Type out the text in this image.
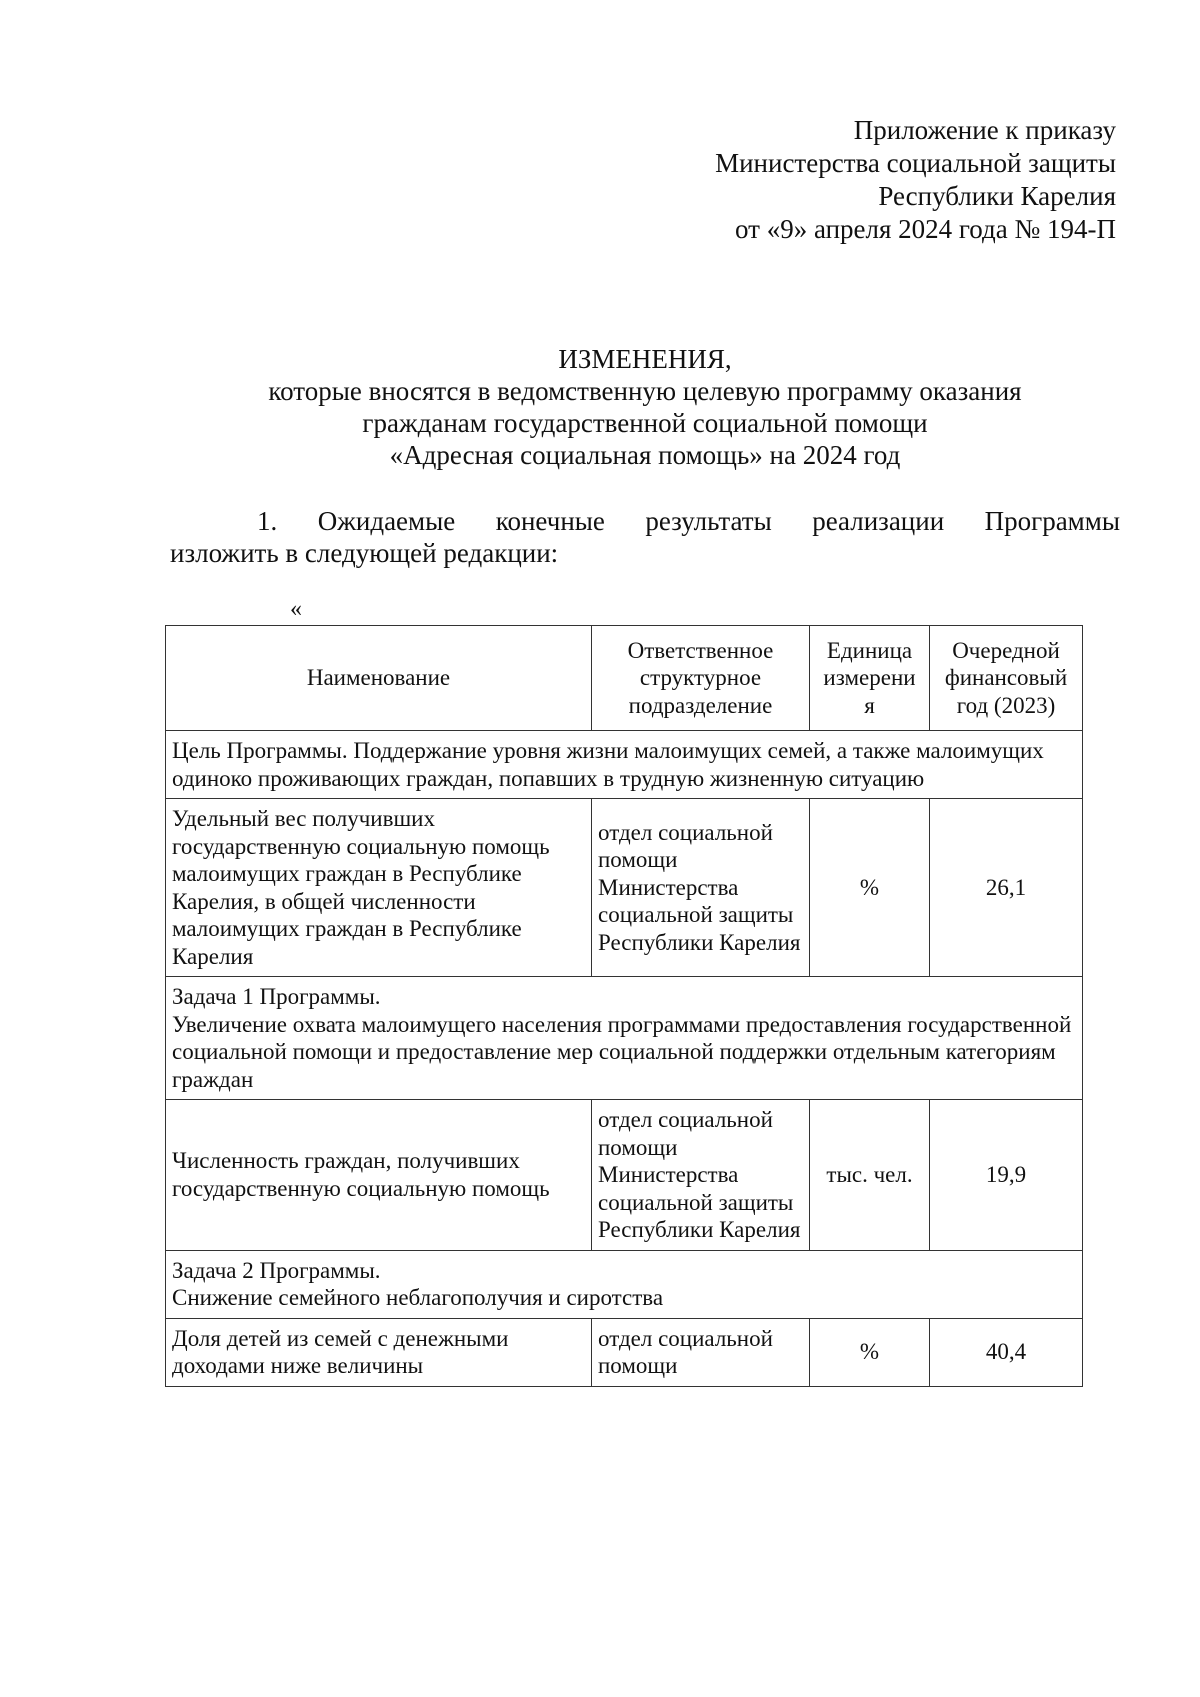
Приложение к приказу
Министерства социальной защиты
Республики Карелия
от «9» апреля 2024 года № 194-П
ИЗМЕНЕНИЯ,
которые вносятся в ведомственную целевую программу оказания
гражданам государственной социальной помощи
«Адресная социальная помощь» на 2024 год
1. Ожидаемые конечные результаты реализации Программы
изложить в следующей редакции:
«
Наименование	Ответственное структурное подразделение	Единица измерени я	Очередной финансовый год (2023)
Цель Программы. Поддержание уровня жизни малоимущих семей, а также малоимущих одиноко проживающих граждан, попавших в трудную жизненную ситуацию			
Удельный вес получивших государственную социальную помощь малоимущих граждан в Республике Карелия, в общей численности малоимущих граждан в Республике Карелия	отдел социальной помощи Министерства социальной защиты Республики Карелия	%	26,1

Задача 1 Программы.
Увеличение охвата малоимущего населения программами предоставления государственной социальной помощи и предоставление мер социальной поддержки отдельным категориям граждан			

Численность граждан, получивших государственную социальную помощь	отдел социальной помощи Министерства социальной защиты Республики Карелия	тыс. чел.	19,9

Задача 2 Программы.
Снижение семейного неблагополучия и сиротства			

Доля детей из семей с денежными доходами ниже величины	отдел социальной помощи	%	40,4
